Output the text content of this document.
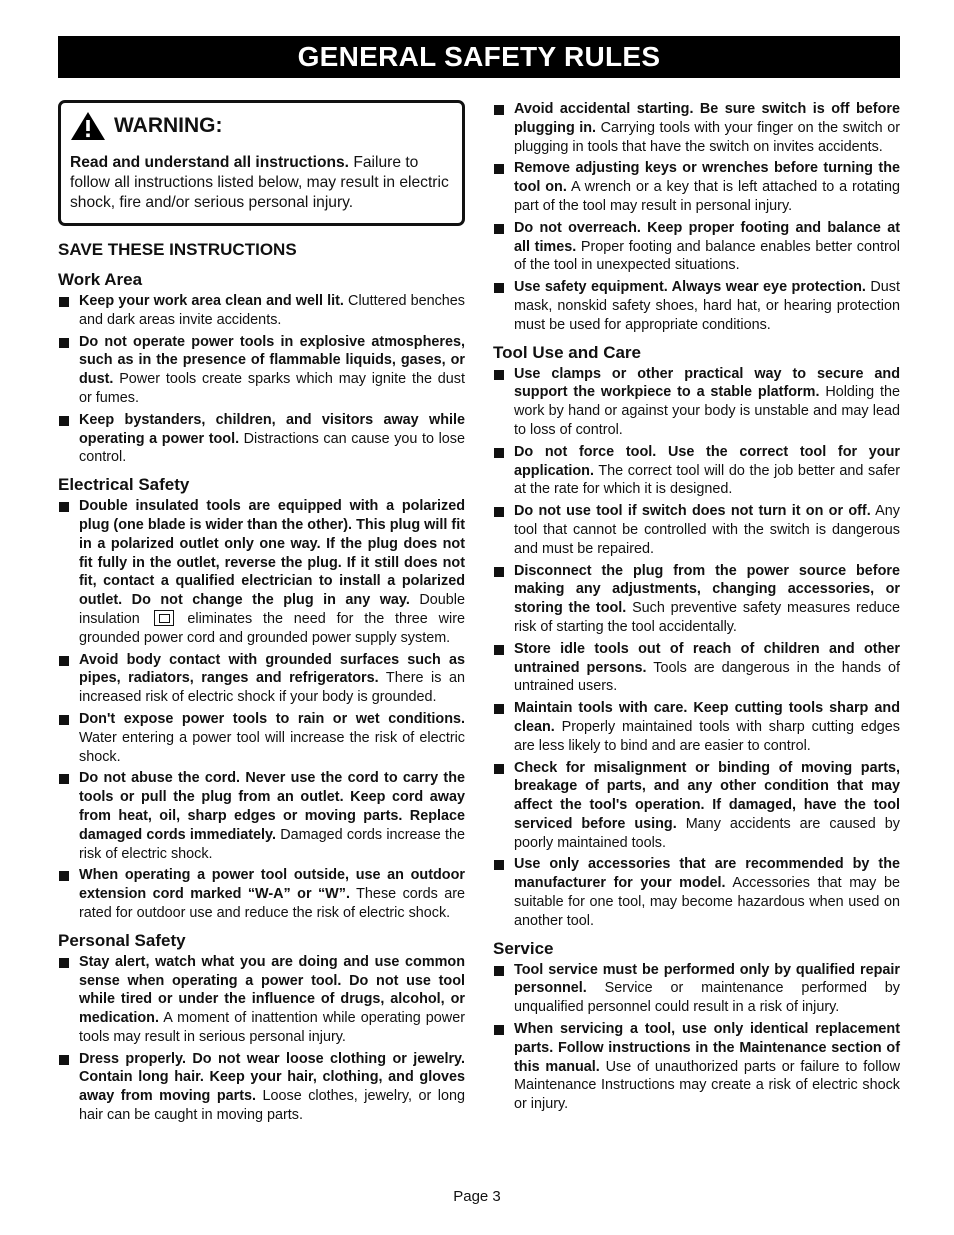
GENERAL SAFETY RULES
WARNING:
Read and understand all instructions. Failure to follow all instructions listed below, may result in electric shock, fire and/or serious personal injury.
SAVE THESE INSTRUCTIONS
Work Area
Keep your work area clean and well lit. Cluttered benches and dark areas invite accidents.
Do not operate power tools in explosive atmospheres, such as in the presence of flammable liquids, gases, or dust. Power tools create sparks which may ignite the dust or fumes.
Keep bystanders, children, and visitors away while operating a power tool. Distractions can cause you to lose control.
Electrical Safety
Double insulated tools are equipped with a polarized plug (one blade is wider than the other). This plug will fit in a polarized outlet only one way. If the plug does not fit fully in the outlet, reverse the plug. If it still does not fit, contact a qualified electrician to install a polarized outlet. Do not change the plug in any way. Double insulation  eliminates the need for the three wire grounded power cord and grounded power supply system.
Avoid body contact with grounded surfaces such as pipes, radiators, ranges and refrigerators. There is an increased risk of electric shock if your body is grounded.
Don't expose power tools to rain or wet conditions. Water entering a power tool will increase the risk of electric shock.
Do not abuse the cord. Never use the cord to carry the tools or pull the plug from an outlet. Keep cord away from heat, oil, sharp edges or moving parts. Replace damaged cords immediately. Damaged cords increase the risk of electric shock.
When operating a power tool outside, use an outdoor extension cord marked “W-A” or “W”. These cords are rated for outdoor use and reduce the risk of electric shock.
Personal Safety
Stay alert, watch what you are doing and use common sense when operating a power tool. Do not use tool while tired or under the influence of drugs, alcohol, or medication. A moment of inattention while operating power tools may result in serious personal injury.
Dress properly. Do not wear loose clothing or jewelry. Contain long hair. Keep your hair, clothing, and gloves away from moving parts. Loose clothes, jewelry, or long hair can be caught in moving parts.
Avoid accidental starting. Be sure switch is off before plugging in. Carrying tools with your finger on the switch or plugging in tools that have the switch on invites accidents.
Remove adjusting keys or wrenches before turning the tool on. A wrench or a key that is left attached to a rotating part of the tool may result in personal injury.
Do not overreach. Keep proper footing and balance at all times. Proper footing and balance enables better control of the tool in unexpected situations.
Use safety equipment. Always wear eye protection. Dust mask, nonskid safety shoes, hard hat, or hearing protection must be used for appropriate conditions.
Tool Use and Care
Use clamps or other practical way to secure and support the workpiece to a stable platform. Holding the work by hand or against your body is unstable and may lead to loss of control.
Do not force tool. Use the correct tool for your application. The correct tool will do the job better and safer at the rate for which it is designed.
Do not use tool if switch does not turn it on or off. Any tool that cannot be controlled with the switch is dangerous and must be repaired.
Disconnect the plug from the power source before making any adjustments, changing accessories, or storing the tool. Such preventive safety measures reduce risk of starting the tool accidentally.
Store idle tools out of reach of children and other untrained persons. Tools are dangerous in the hands of untrained users.
Maintain tools with care. Keep cutting tools sharp and clean. Properly maintained tools with sharp cutting edges are less likely to bind and are easier to control.
Check for misalignment or binding of moving parts, breakage of parts, and any other condition that may affect the tool's operation. If damaged, have the tool serviced before using. Many accidents are caused by poorly maintained tools.
Use only accessories that are recommended by the manufacturer for your model. Accessories that may be suitable for one tool, may become hazardous when used on another tool.
Service
Tool service must be performed only by qualified repair personnel. Service or maintenance performed by unqualified personnel could result in a risk of injury.
When servicing a tool, use only identical replacement parts. Follow instructions in the Maintenance section of this manual. Use of unauthorized parts or failure to follow Maintenance Instructions may create a risk of electric shock or injury.
Page 3
